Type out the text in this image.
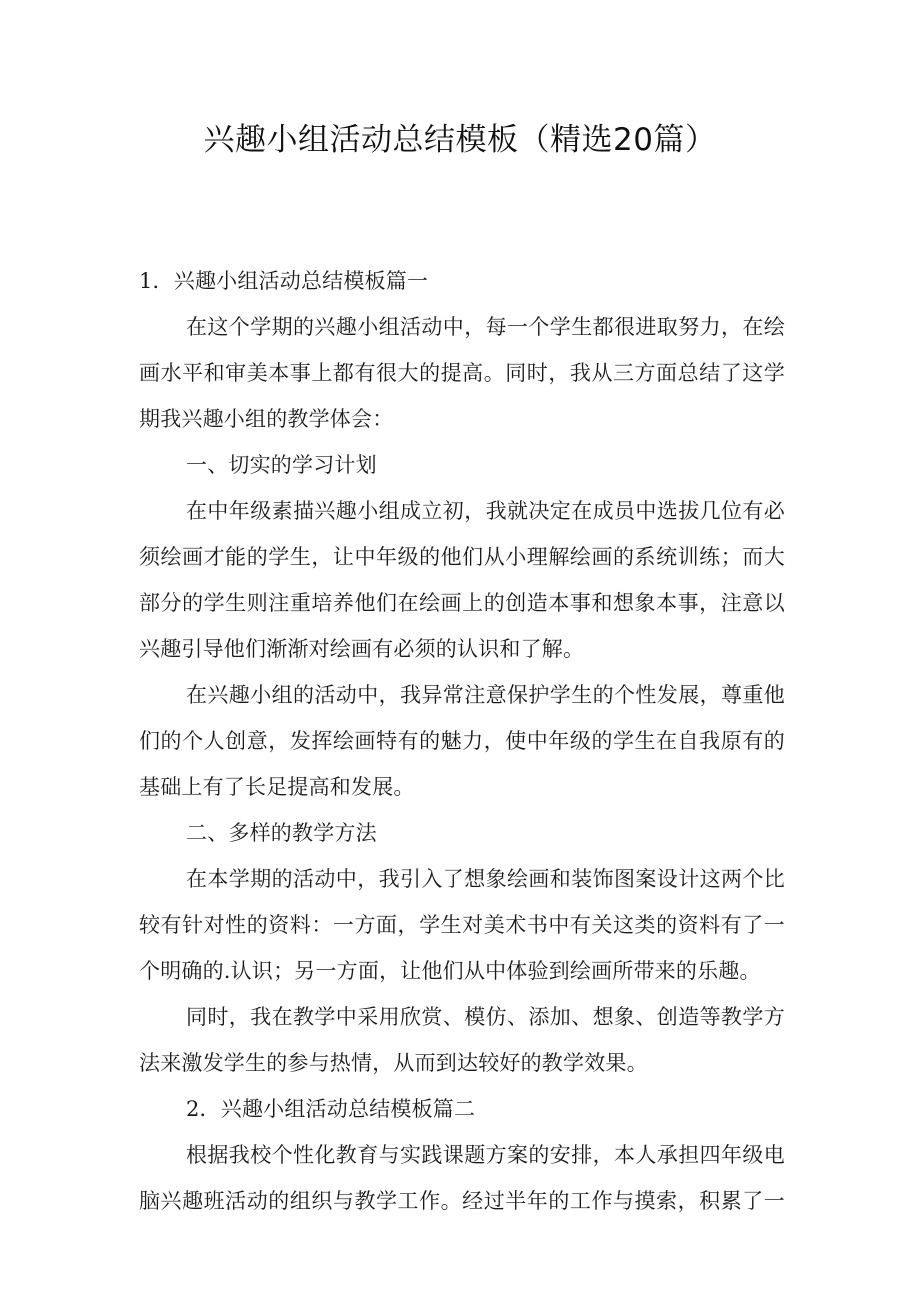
兴趣小组活动总结模板（精选20篇）
1．兴趣小组活动总结模板篇一
在这个学期的兴趣小组活动中，每一个学生都很进取努力，在绘
画水平和审美本事上都有很大的提高。同时，我从三方面总结了这学
期我兴趣小组的教学体会：
一、切实的学习计划
在中年级素描兴趣小组成立初，我就决定在成员中选拔几位有必
须绘画才能的学生，让中年级的他们从小理解绘画的系统训练；而大
部分的学生则注重培养他们在绘画上的创造本事和想象本事，注意以
兴趣引导他们渐渐对绘画有必须的认识和了解。
在兴趣小组的活动中，我异常注意保护学生的个性发展，尊重他
们的个人创意，发挥绘画特有的魅力，使中年级的学生在自我原有的
基础上有了长足提高和发展。
二、多样的教学方法
在本学期的活动中，我引入了想象绘画和装饰图案设计这两个比
较有针对性的资料：一方面，学生对美术书中有关这类的资料有了一
个明确的.认识；另一方面，让他们从中体验到绘画所带来的乐趣。
同时，我在教学中采用欣赏、模仿、添加、想象、创造等教学方
法来激发学生的参与热情，从而到达较好的教学效果。
2．兴趣小组活动总结模板篇二
根据我校个性化教育与实践课题方案的安排，本人承担四年级电
脑兴趣班活动的组织与教学工作。经过半年的工作与摸索，积累了一
